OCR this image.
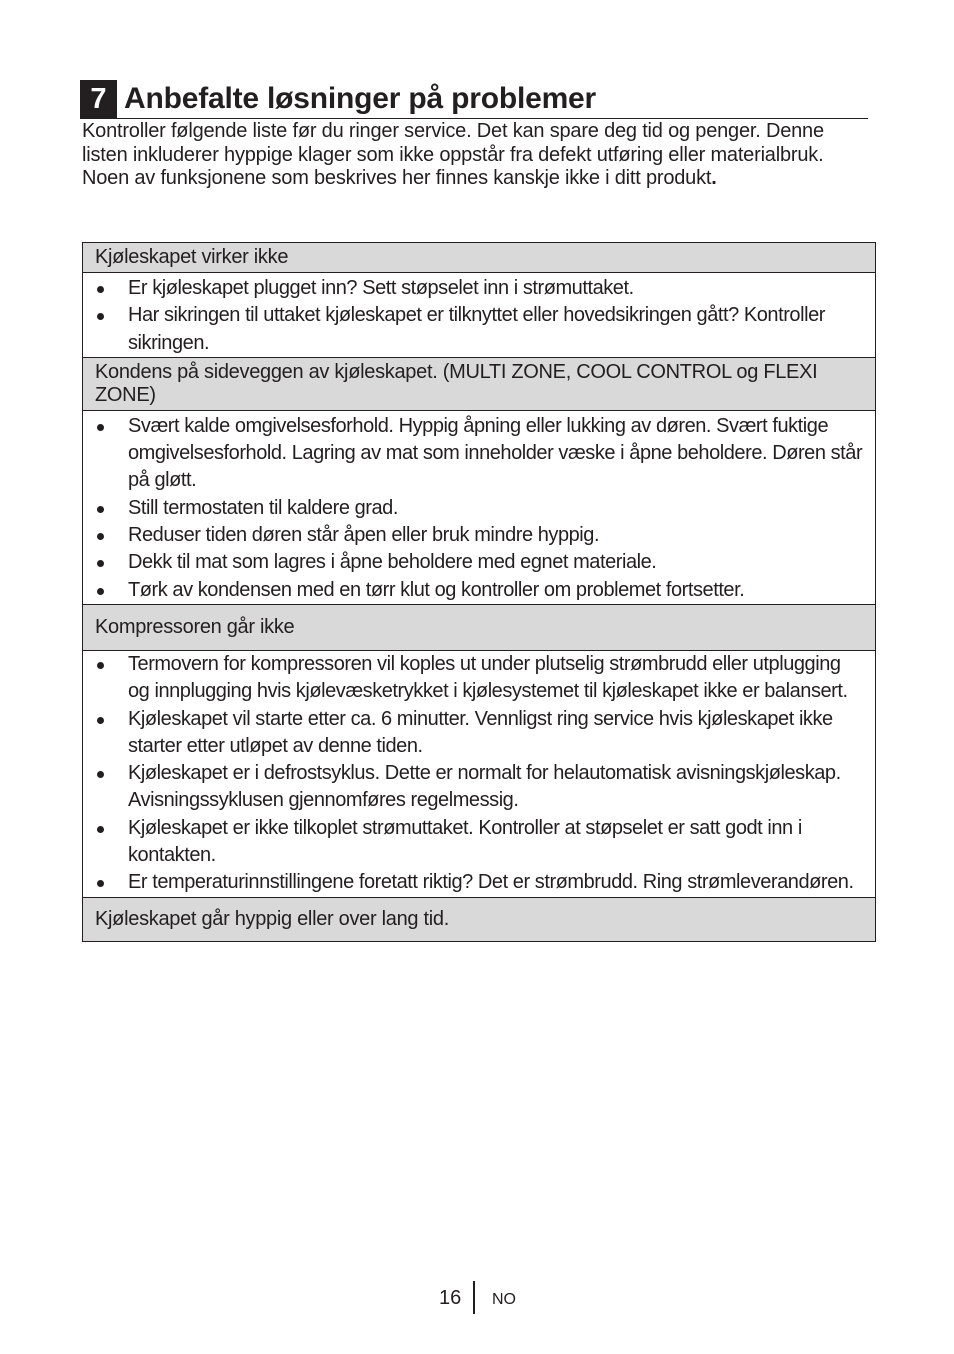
7 Anbefalte løsninger på problemer

Kontroller følgende liste før du ringer service. Det kan spare deg tid og penger. Denne listen inkluderer hyppige klager som ikke oppstår fra defekt utføring eller materialbruk. Noen av funksjonene som beskrives her finnes kanskje ikke i ditt produkt.

Kjøleskapet virker ikke
Er kjøleskapet plugget inn? Sett støpselet inn i strømuttaket.
Har sikringen til uttaket kjøleskapet er tilknyttet eller hovedsikringen gått? Kontroller sikringen.
Kondens på sideveggen av kjøleskapet. (MULTI ZONE, COOL CONTROL og FLEXI ZONE)
Svært kalde omgivelsesforhold. Hyppig åpning eller lukking av døren. Svært fuktige omgivelsesforhold. Lagring av mat som inneholder væske i åpne beholdere. Døren står på gløtt.
Still termostaten til kaldere grad.
Reduser tiden døren står åpen eller bruk mindre hyppig.
Dekk til mat som lagres i åpne beholdere med egnet materiale.
Tørk av kondensen med en tørr klut og kontroller om problemet fortsetter.
Kompressoren går ikke
Termovern for kompressoren vil koples ut under plutselig strømbrudd eller utplugging og innplugging hvis kjølevæsketrykket i kjølesystemet til kjøleskapet ikke er balansert.
Kjøleskapet vil starte etter ca. 6 minutter. Vennligst ring service hvis kjøleskapet ikke starter etter utløpet av denne tiden.
Kjøleskapet er i defrostsyklus. Dette er normalt for helautomatisk avisningskjøleskap. Avisningssyklusen gjennomføres regelmessig.
Kjøleskapet er ikke tilkoplet strømuttaket. Kontroller at støpselet er satt godt inn i kontakten.
Er temperaturinnstillingene foretatt riktig? Det er strømbrudd. Ring strømleverandøren.
Kjøleskapet går hyppig eller over lang tid.
16 NO
